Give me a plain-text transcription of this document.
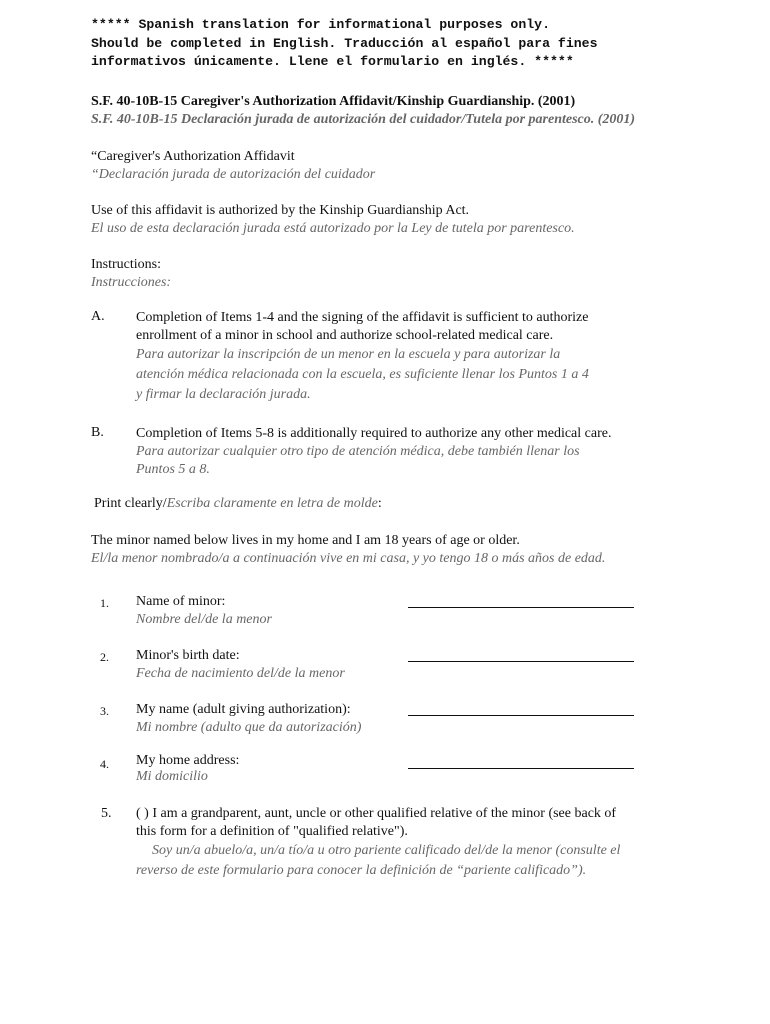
***** Spanish translation for informational purposes only.
Should be completed in English. Traducción al español para fines
informativos únicamente. Llene el formulario en inglés. *****
S.F. 40-10B-15 Caregiver's Authorization Affidavit/Kinship Guardianship. (2001)
S.F. 40-10B-15 Declaración jurada de autorización del cuidador/Tutela por parentesco. (2001)
“Caregiver's Authorization Affidavit
“Declaración jurada de autorización del cuidador
Use of this affidavit is authorized by the Kinship Guardianship Act.
El uso de esta declaración jurada está autorizado por la Ley de tutela por parentesco.
Instructions:
Instrucciones:
A. Completion of Items 1-4 and the signing of the affidavit is sufficient to authorize
enrollment of a minor in school and authorize school-related medical care.
Para autorizar la inscripción de un menor en la escuela y para autorizar la
atención médica relacionada con la escuela, es suficiente llenar los Puntos 1 a 4
y firmar la declaración jurada.
B. Completion of Items 5-8 is additionally required to authorize any other medical care.
Para autorizar cualquier otro tipo de atención médica, debe también llenar los
Puntos 5 a 8.
Print clearly/Escriba claramente en letra de molde:
The minor named below lives in my home and I am 18 years of age or older.
El/la menor nombrado/a a continuación vive en mi casa, y yo tengo 18 o más años de edad.
1. Name of minor:
Nombre del/de la menor
2. Minor's birth date:
Fecha de nacimiento del/de la menor
3. My name (adult giving authorization):
Mi nombre (adulto que da autorización)
4. My home address:
Mi domicilio
5. ( ) I am a grandparent, aunt, uncle or other qualified relative of the minor (see back of
this form for a definition of "qualified relative").
Soy un/a abuelo/a, un/a tío/a u otro pariente calificado del/de la menor (consulte el
reverso de este formulario para conocer la definición de “pariente calificado”).
